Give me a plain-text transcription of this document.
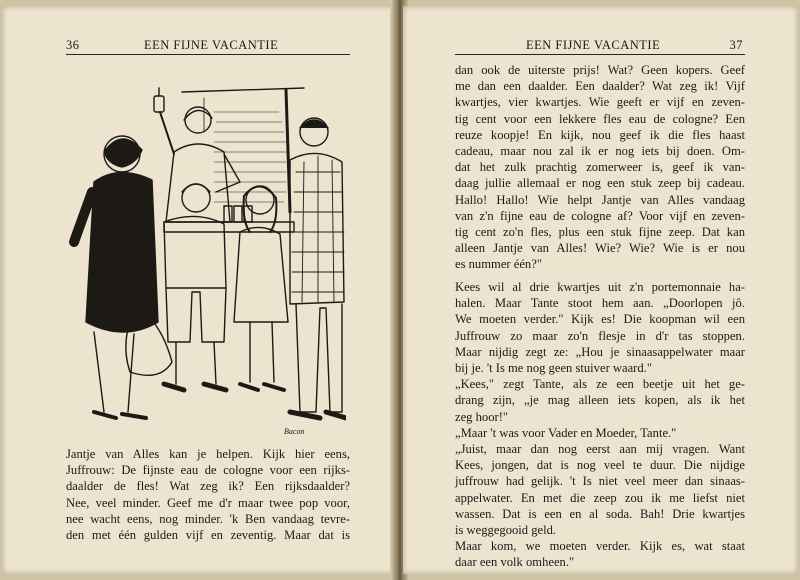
36	EEN FIJNE VACANTIE
Bacon
Jantje van Alles kan je helpen. Kijk hier eens,
Juffrouw: De fijnste eau de cologne voor een rijks-
daalder de fles! Wat zeg ik? Een rijksdaalder?
Nee, veel minder. Geef me d'r maar twee pop voor,
nee wacht eens, nog minder. 'k Ben vandaag tevre-
den met één gulden vijf en zeventig. Maar dat is
EEN FIJNE VACANTIE	37
dan ook de uiterste prijs! Wat? Geen kopers. Geef
me dan een daalder. Een daalder? Wat zeg ik! Vijf
kwartjes, vier kwartjes. Wie geeft er vijf en zeven-
tig cent voor een lekkere fles eau de cologne? Een
reuze koopje! En kijk, nou geef ik die fles haast
cadeau, maar nou zal ik er nog iets bij doen. Om-
dat het zulk prachtig zomerweer is, geef ik van-
daag jullie allemaal er nog een stuk zeep bij cadeau.
Hallo! Hallo! Wie helpt Jantje van Alles vandaag
van z'n fijne eau de cologne af? Voor vijf en zeven-
tig cent zo'n fles, plus een stuk fijne zeep. Dat kan
alleen Jantje van Alles! Wie? Wie? Wie is er nou
es nummer één?"
Kees wil al drie kwartjes uit z'n portemonnaie ha-
halen. Maar Tante stoot hem aan. „Doorlopen jô.
We moeten verder." Kijk es! Die koopman wil een
Juffrouw zo maar zo'n flesje in d'r tas stoppen.
Maar nijdig zegt ze: „Hou je sinaasappelwater maar
bij je. 't Is me nog geen stuiver waard."
„Kees," zegt Tante, als ze een beetje uit het ge-
drang zijn, „je mag alleen iets kopen, als ik het
zeg hoor!"
„Maar 't was voor Vader en Moeder, Tante."
„Juist, maar dan nog eerst aan mij vragen. Want
Kees, jongen, dat is nog veel te duur. Die nijdige
juffrouw had gelijk. 't Is niet veel meer dan sinaas-
appelwater. En met die zeep zou ik me liefst niet
wassen. Dat is een en al soda. Bah! Drie kwartjes
is weggegooid geld.
Maar kom, we moeten verder. Kijk es, wat staat
daar een volk omheen."
